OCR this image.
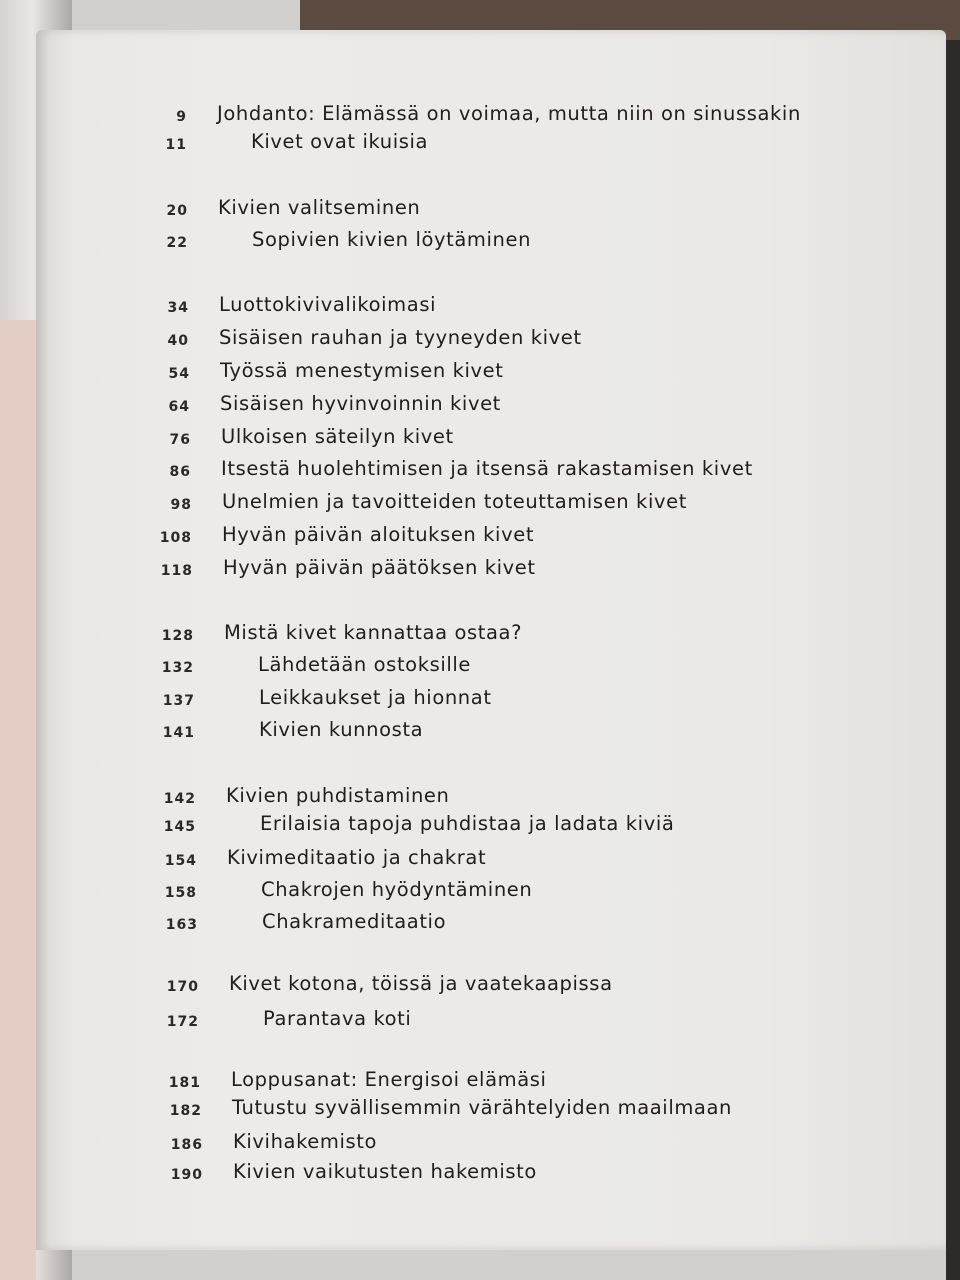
9 Johdanto: Elämässä on voimaa, mutta niin on sinussakin
11	Kivet ovat ikuisia
20 Kivien valitseminen
22	Sopivien kivien löytäminen
34 Luottokivivalikoimasi
40 Sisäisen rauhan ja tyyneyden kivet
54 Työssä menestymisen kivet
64 Sisäisen hyvinvoinnin kivet
76 Ulkoisen säteilyn kivet
86 Itsestä huolehtimisen ja itsensä rakastamisen kivet
98 Unelmien ja tavoitteiden toteuttamisen kivet
108 Hyvän päivän aloituksen kivet
118 Hyvän päivän päätöksen kivet
128 Mistä kivet kannattaa ostaa?
132	Lähdetään ostoksille
137	Leikkaukset ja hionnat
141	Kivien kunnosta
142 Kivien puhdistaminen
145	Erilaisia tapoja puhdistaa ja ladata kiviä
154 Kivimeditaatio ja chakrat
158	Chakrojen hyödyntäminen
163	Chakrameditaatio
170 Kivet kotona, töissä ja vaatekaapissa
172	Parantava koti
181 Loppusanat: Energisoi elämäsi
182 Tutustu syvällisemmin värähtelyiden maailmaan
186 Kivihakemisto
190 Kivien vaikutusten hakemisto
